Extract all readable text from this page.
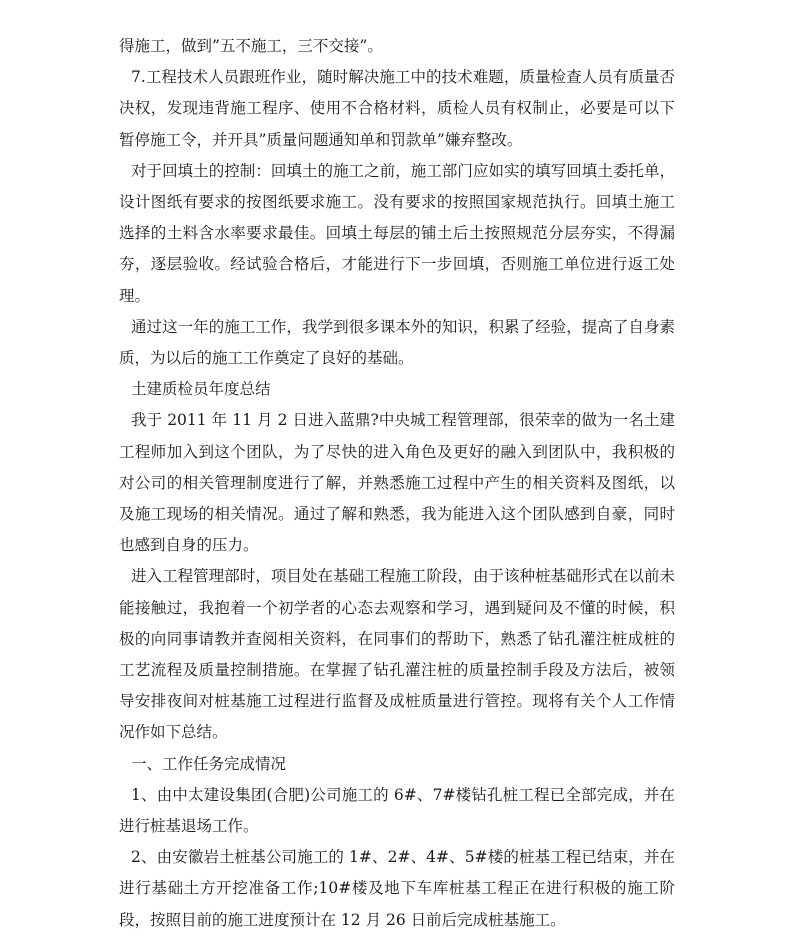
得施工，做到”五不施工，三不交接”。

7.工程技术人员跟班作业，随时解决施工中的技术难题，质量检查人员有质量否决权，发现违背施工程序、使用不合格材料，质检人员有权制止，必要是可以下暂停施工令，并开具”质量问题通知单和罚款单”嫌弃整改。

对于回填土的控制：回填土的施工之前，施工部门应如实的填写回填土委托单，设计图纸有要求的按图纸要求施工。没有要求的按照国家规范执行。回填土施工选择的土料含水率要求最佳。回填土每层的铺土后土按照规范分层夯实，不得漏夯，逐层验收。经试验合格后，才能进行下一步回填，否则施工单位进行返工处理。

通过这一年的施工工作，我学到很多课本外的知识，积累了经验，提高了自身素质，为以后的施工工作奠定了良好的基础。

土建质检员年度总结

我于 2011 年 11 月 2 日进入蓝鼎?中央城工程管理部，很荣幸的做为一名土建工程师加入到这个团队，为了尽快的进入角色及更好的融入到团队中，我积极的对公司的相关管理制度进行了解，并熟悉施工过程中产生的相关资料及图纸，以及施工现场的相关情况。通过了解和熟悉，我为能进入这个团队感到自豪，同时也感到自身的压力。

进入工程管理部时，项目处在基础工程施工阶段，由于该种桩基础形式在以前未能接触过，我抱着一个初学者的心态去观察和学习，遇到疑问及不懂的时候，积极的向同事请教并查阅相关资料，在同事们的帮助下，熟悉了钻孔灌注桩成桩的工艺流程及质量控制措施。在掌握了钻孔灌注桩的质量控制手段及方法后，被领导安排夜间对桩基施工过程进行监督及成桩质量进行管控。现将有关个人工作情况作如下总结。

一、工作任务完成情况

1、由中太建设集团(合肥)公司施工的 6#、7#楼钻孔桩工程已全部完成，并在进行桩基退场工作。

2、由安徽岩土桩基公司施工的 1#、2#、4#、5#楼的桩基工程已结束，并在进行基础土方开挖准备工作;10#楼及地下车库桩基工程正在进行积极的施工阶段，按照目前的施工进度预计在 12 月 26 日前后完成桩基施工。
